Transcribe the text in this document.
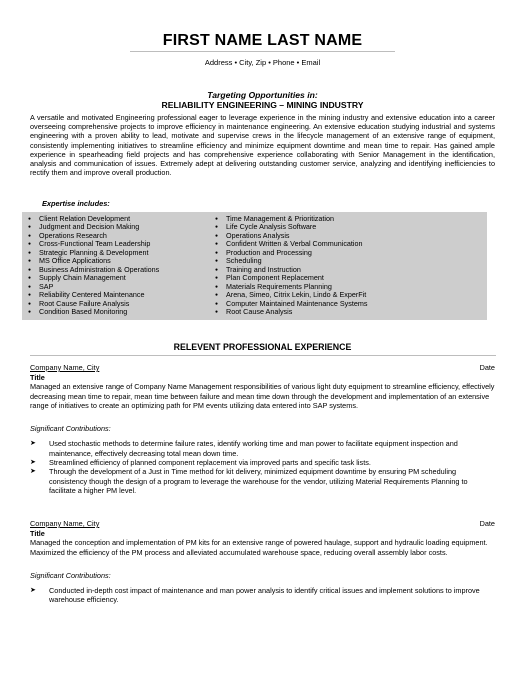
FIRST NAME LAST NAME
Address • City, Zip • Phone • Email
Targeting Opportunities in:
RELIABILITY ENGINEERING – MINING INDUSTRY
A versatile and motivated Engineering professional eager to leverage experience in the mining industry and extensive education into a career overseeing comprehensive projects to improve efficiency in maintenance engineering. An extensive education studying industrial and systems engineering with a proven ability to lead, motivate and supervise crews in the lifecycle management of an extensive range of equipment, consistently implementing initiatives to streamline efficiency and minimize equipment downtime and mean time to repair. Has gained ample experience in spearheading field projects and has comprehensive experience collaborating with Senior Management in the identification, analysis and communication of issues. Extremely adept at delivering outstanding customer service, analyzing and identifying inefficiencies to rectify them and improve overall production.
Expertise includes:
● Client Relation Development
● Judgment and Decision Making
● Operations Research
● Cross-Functional Team Leadership
● Strategic Planning & Development
● MS Office Applications
● Business Administration & Operations
● Supply Chain Management
● SAP
● Reliability Centered Maintenance
● Root Cause Failure Analysis
● Condition Based Monitoring
● Time Management & Prioritization
● Life Cycle Analysis Software
● Operations Analysis
● Confident Written & Verbal Communication
● Production and Processing
● Scheduling
● Training and Instruction
● Plan Component Replacement
● Materials Requirements Planning
● Arena, Simeo, Citrix Lekin, Lindo & ExperFit
● Computer Maintained Maintenance Systems
● Root Cause Analysis
RELEVENT PROFESSIONAL EXPERIENCE
Company Name, City	Date
Title
Managed an extensive range of Company Name Management responsibilities of various light duty equipment to streamline efficiency, effectively decreasing mean time to repair, mean time between failure and mean time down through the development and implementation of an extensive range of initiatives to create an optimizing path for PM events utilizing data entered into SAP systems.
Significant Contributions:
➤ Used stochastic methods to determine failure rates, identify working time and man power to facilitate equipment inspection and maintenance, effectively decreasing total mean down time.
➤ Streamlined efficiency of planned component replacement via improved parts and specific task lists.
➤ Through the development of a Just in Time method for kit delivery, minimized equipment downtime by ensuring PM scheduling consistency though the design of a program to leverage the warehouse for the vendor, utilizing Material Requirements Planning to facilitate a higher PM level.
Company Name, City	Date
Title
Managed the conception and implementation of PM kits for an extensive range of powered haulage, support and hydraulic loading equipment. Maximized the efficiency of the PM process and alleviated accumulated warehouse space, reducing overall assembly labor costs.
Significant Contributions:
➤ Conducted in-depth cost impact of maintenance and man power analysis to identify critical issues and implement solutions to improve warehouse efficiency.
